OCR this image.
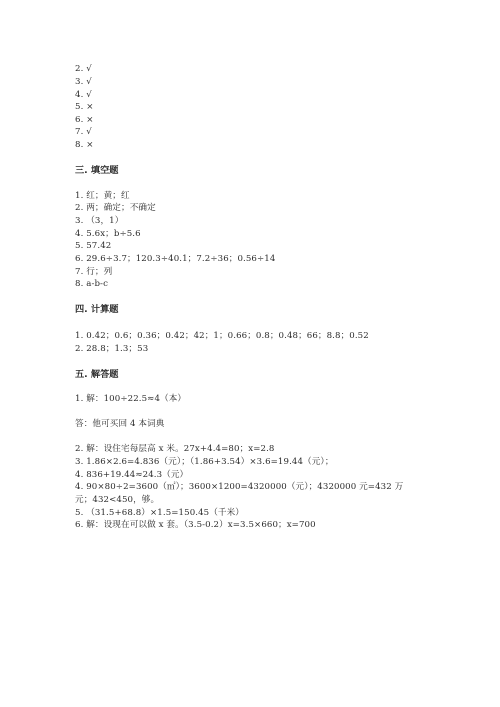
2. √
3. √
4. √
5. ×
6. ×
7. √
8. ×
三. 填空题
1. 红；黄；红
2. 两；确定；不确定
3. （3，1）
4. 5.6x；b÷5.6
5. 57.42
6. 29.6÷3.7；120.3÷40.1；7.2÷36；0.56÷14
7. 行；列
8. a-b-c
四. 计算题
1. 0.42；0.6；0.36；0.42；42；1；0.66；0.8；0.48；66；8.8；0.52
2. 28.8；1.3；53
五. 解答题
1. 解：100÷22.5≈4（本）
答：他可买回 4 本词典
2. 解：设住宅每层高 x 米。27x+4.4=80；x=2.8
3. 1.86×2.6=4.836（元）；（1.86+3.54）×3.6=19.44（元）；
4. 836+19.44≈24.3（元）
4. 90×80÷2=3600（㎡）；3600×1200=4320000（元）；4320000 元=432 万
元；432<450，够。
5. （31.5+68.8）×1.5=150.45（千米）
6. 解：设现在可以做 x 套。（3.5-0.2）x=3.5×660；x=700
